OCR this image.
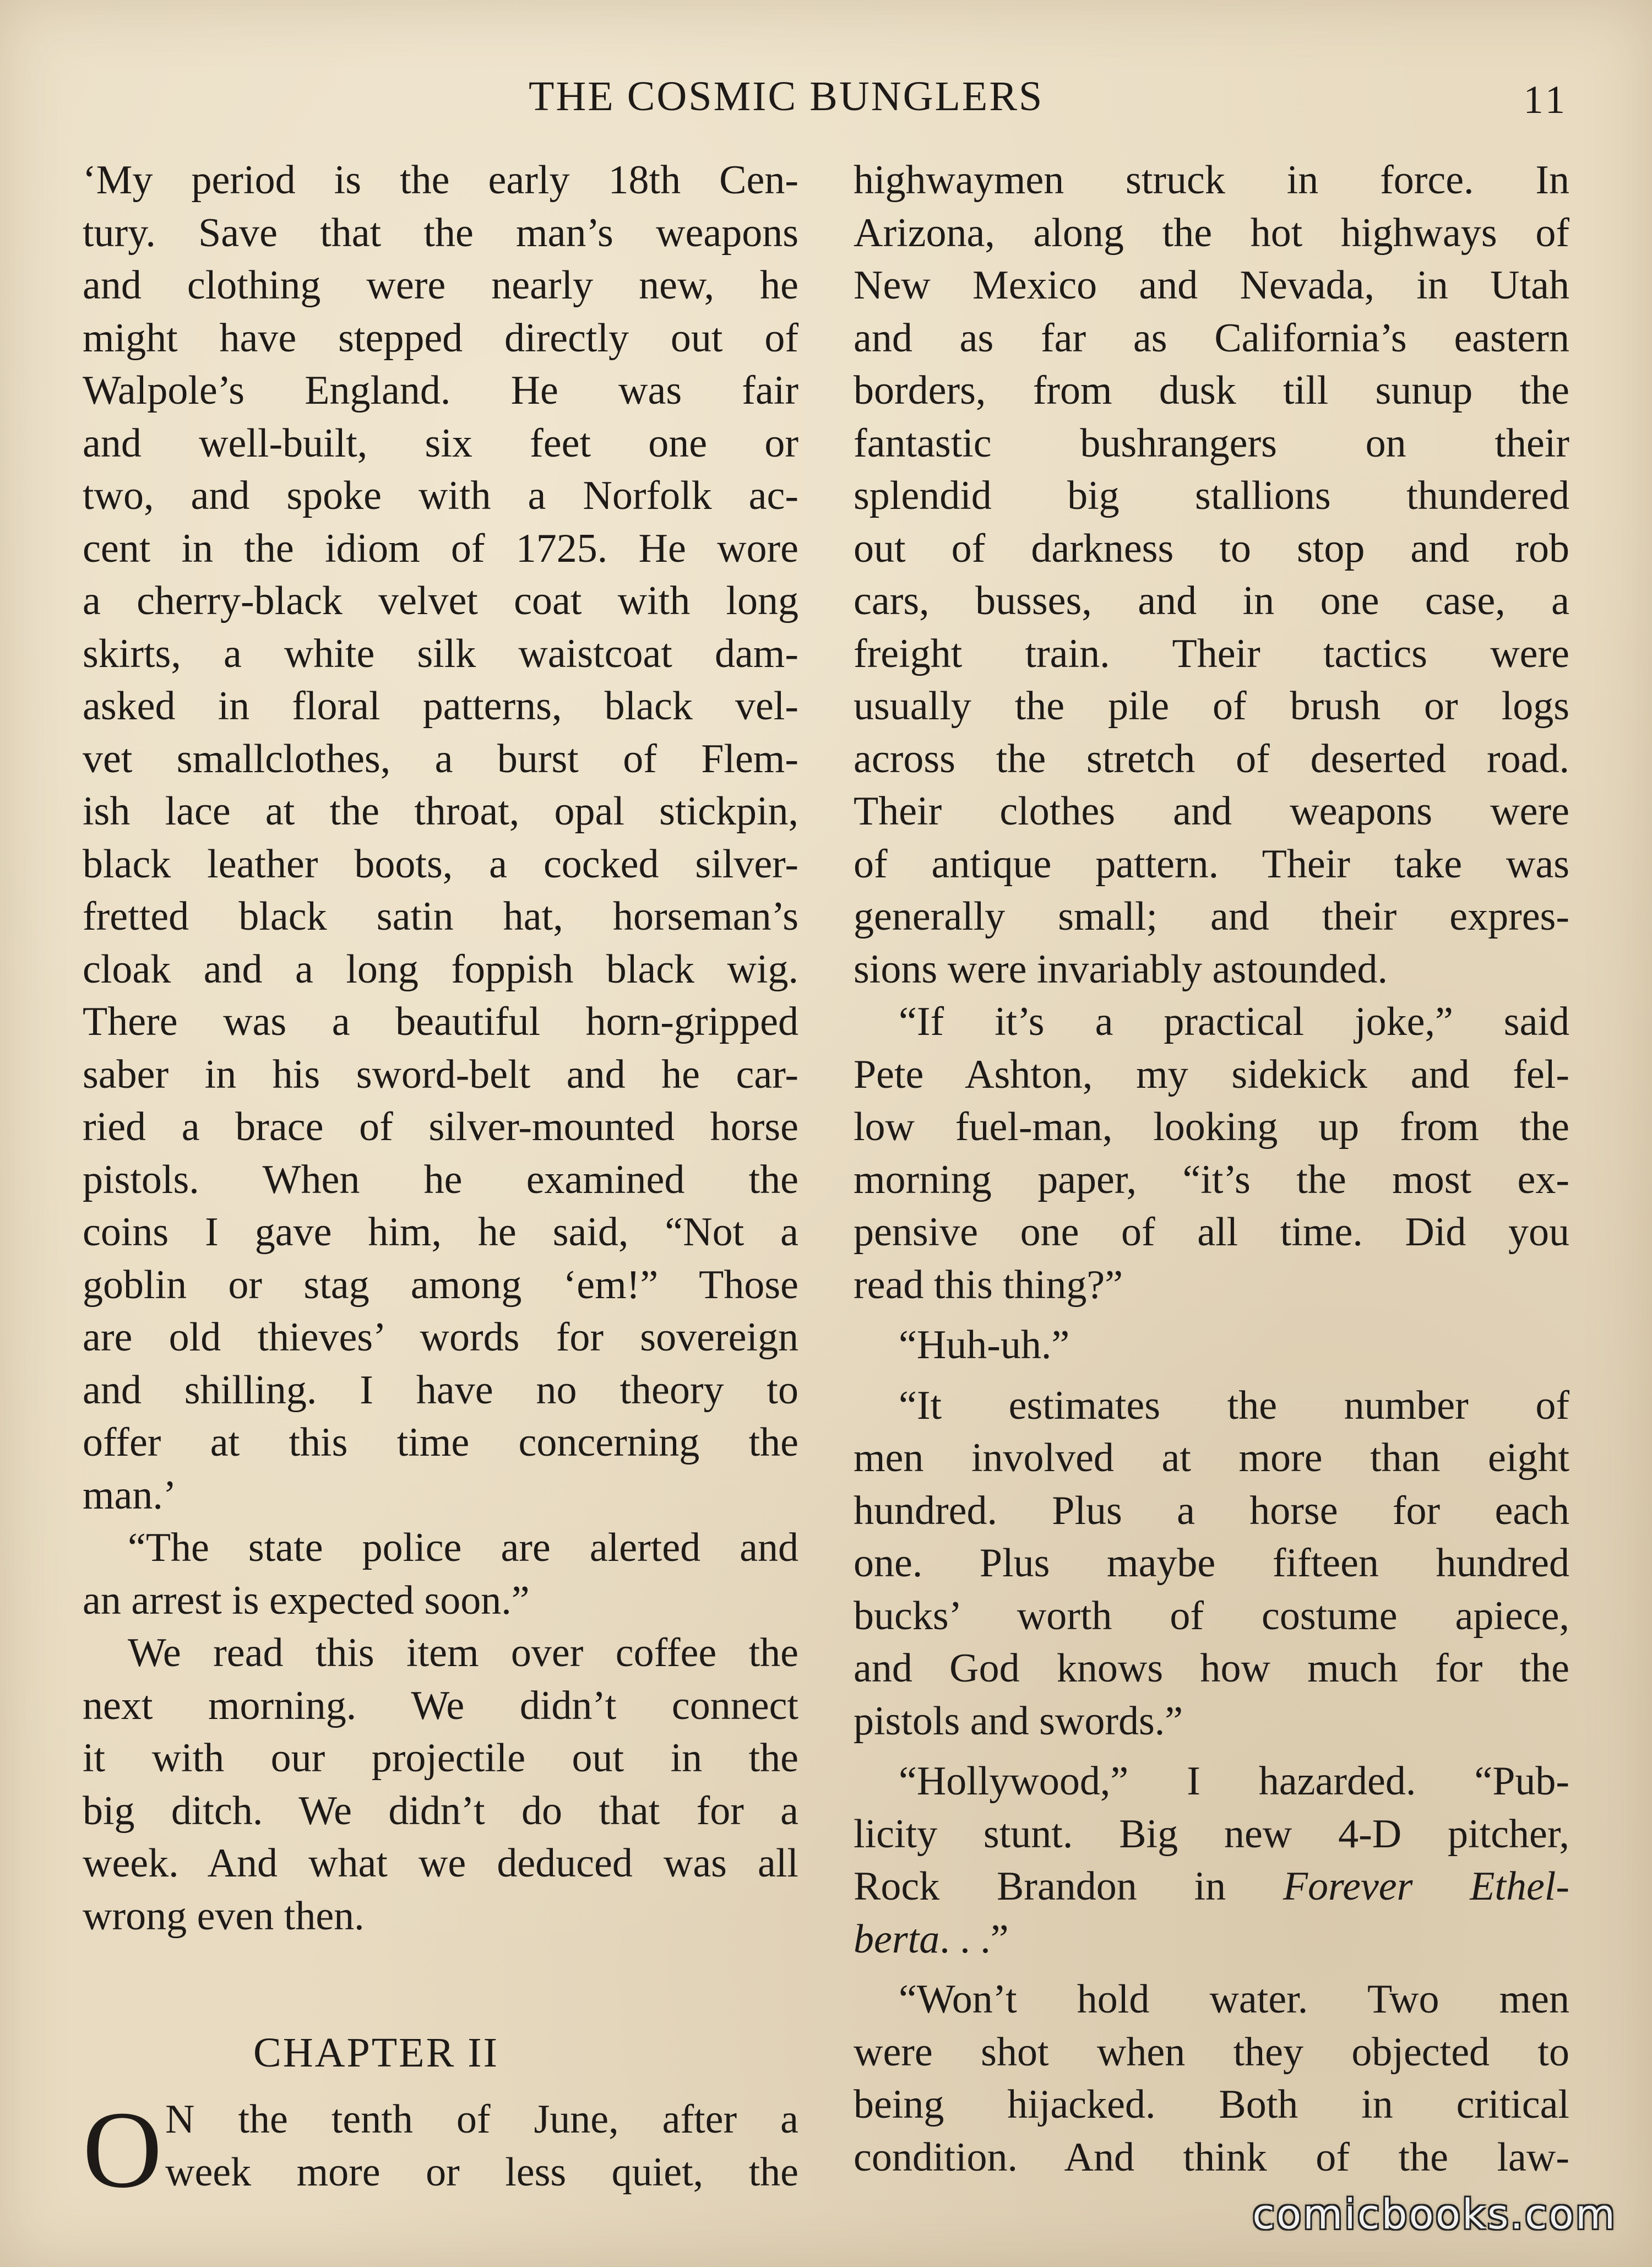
THE COSMIC BUNGLERS	11
‘My period is the early 18th Cen-
tury. Save that the man’s weapons
and clothing were nearly new, he
might have stepped directly out of
Walpole’s England. He was fair
and well-built, six feet one or
two, and spoke with a Norfolk ac-
cent in the idiom of 1725. He wore
a cherry-black velvet coat with long
skirts, a white silk waistcoat dam-
asked in floral patterns, black vel-
vet smallclothes, a burst of Flem-
ish lace at the throat, opal stickpin,
black leather boots, a cocked silver-
fretted black satin hat, horseman’s
cloak and a long foppish black wig.
There was a beautiful horn-gripped
saber in his sword-belt and he car-
ried a brace of silver-mounted horse
pistols. When he examined the
coins I gave him, he said, “Not a
goblin or stag among ‘em!” Those
are old thieves’ words for sovereign
and shilling. I have no theory to
offer at this time concerning the
man.’
“The state police are alerted and
an arrest is expected soon.”
We read this item over coffee the
next morning. We didn’t connect
it with our projectile out in the
big ditch. We didn’t do that for a
week. And what we deduced was all
wrong even then.
CHAPTER II
O N the tenth of June, after a
week more or less quiet, the
highwaymen struck in force. In
Arizona, along the hot highways of
New Mexico and Nevada, in Utah
and as far as California’s eastern
borders, from dusk till sunup the
fantastic bushrangers on their
splendid big stallions thundered
out of darkness to stop and rob
cars, busses, and in one case, a
freight train. Their tactics were
usually the pile of brush or logs
across the stretch of deserted road.
Their clothes and weapons were
of antique pattern. Their take was
generally small; and their expres-
sions were invariably astounded.
“If it’s a practical joke,” said
Pete Ashton, my sidekick and fel-
low fuel-man, looking up from the
morning paper, “it’s the most ex-
pensive one of all time. Did you
read this thing?”
“Huh-uh.”
“It estimates the number of
men involved at more than eight
hundred. Plus a horse for each
one. Plus maybe fifteen hundred
bucks’ worth of costume apiece,
and God knows how much for the
pistols and swords.”
“Hollywood,” I hazarded. “Pub-
licity stunt. Big new 4-D pitcher,
Rock Brandon in Forever Ethel-
berta. . .”
“Won’t hold water. Two men
were shot when they objected to
being hijacked. Both in critical
condition. And think of the law-
comicbooks.com
